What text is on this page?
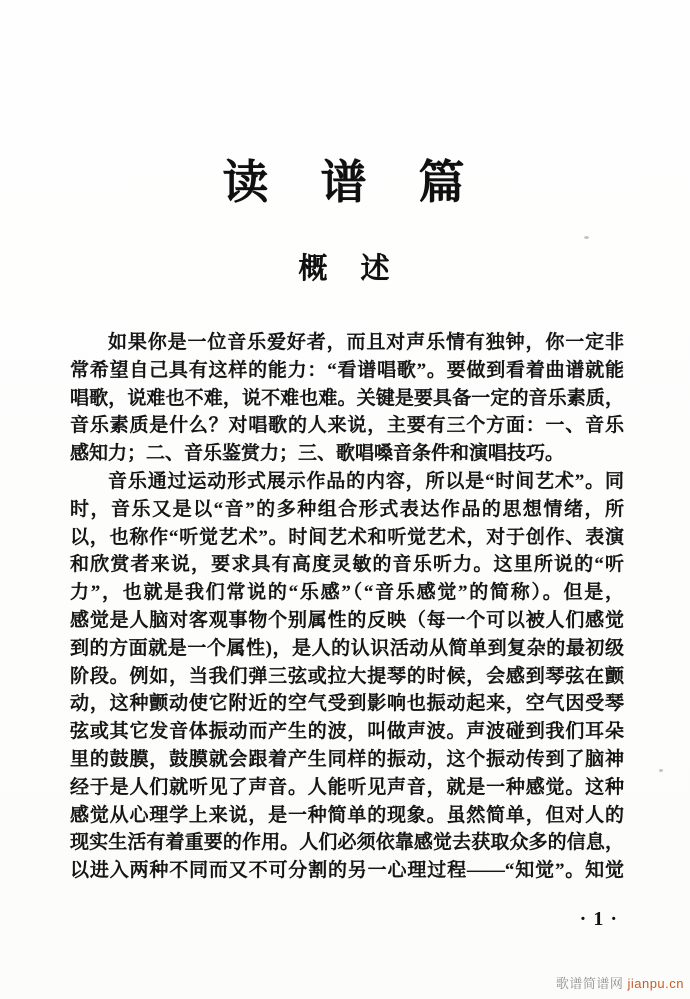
读　谱　篇
概　述

如果你是一位音乐爱好者，而且对声乐情有独钟，你一定非

常希望自己具有这样的能力：“看谱唱歌”。要做到看着曲谱就能

唱歌，说难也不难，说不难也难。关键是要具备一定的音乐素质，

音乐素质是什么？对唱歌的人来说，主要有三个方面：一、音乐

感知力；二、音乐鉴赏力；三、歌唱嗓音条件和演唱技巧。

音乐通过运动形式展示作品的内容，所以是“时间艺术”。同

时，音乐又是以“音”的多种组合形式表达作品的思想情绪，所

以，也称作“听觉艺术”。时间艺术和听觉艺术，对于创作、表演

和欣赏者来说，要求具有高度灵敏的音乐听力。这里所说的“听

力”，也就是我们常说的“乐感”（“音乐感觉”的简称）。但是，

感觉是人脑对客观事物个别属性的反映（每一个可以被人们感觉

到的方面就是一个属性)，是人的认识活动从简单到复杂的最初级

阶段。例如，当我们弹三弦或拉大提琴的时候，会感到琴弦在颤

动，这种颤动使它附近的空气受到影响也振动起来，空气因受琴

弦或其它发音体振动而产生的波，叫做声波。声波碰到我们耳朵

里的鼓膜，鼓膜就会跟着产生同样的振动，这个振动传到了脑神

经于是人们就听见了声音。人能听见声音，就是一种感觉。这种

感觉从心理学上来说，是一种简单的现象。虽然简单，但对人的

现实生活有着重要的作用。人们必须依靠感觉去获取众多的信息，

以进入两种不同而又不可分割的另一心理过程——“知觉”。知觉

·1·
歌谱简谱网 jianpu.cn
